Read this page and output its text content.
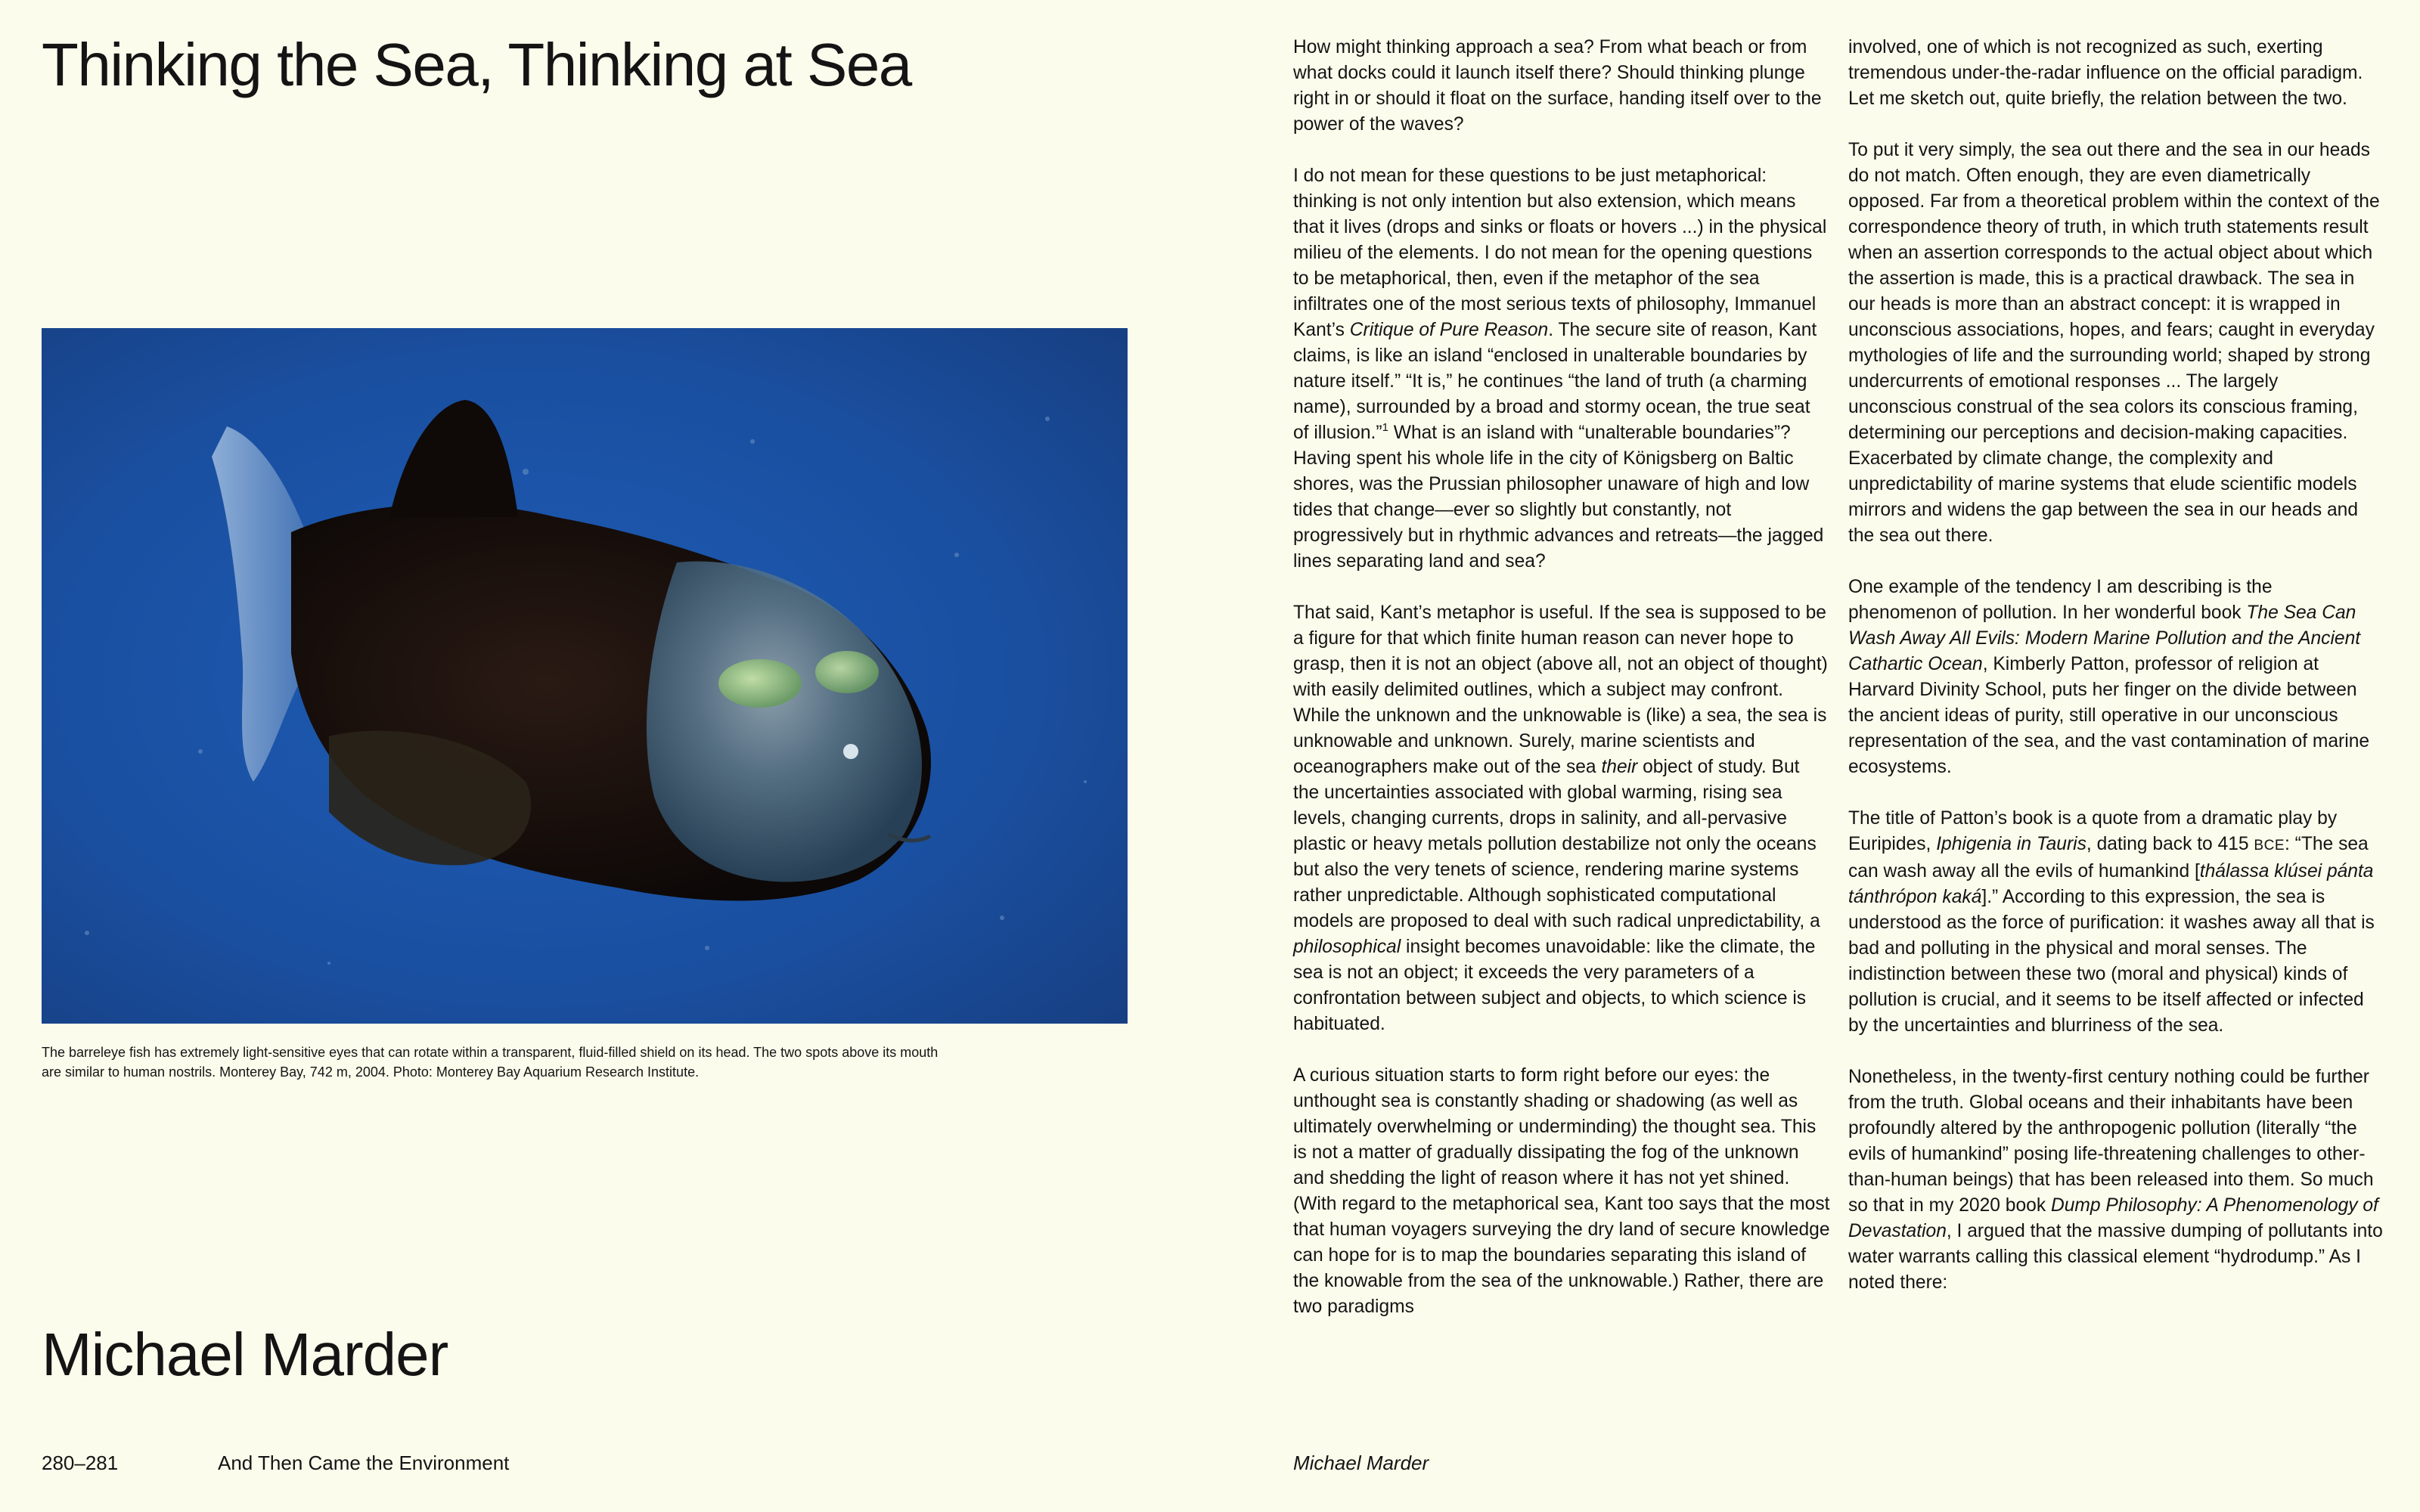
Thinking the Sea, Thinking at Sea

The barreleye fish has extremely light-sensitive eyes that can rotate within a transparent, fluid-filled shield on its head. The two spots above its mouth are similar to human nostrils. Monterey Bay, 742 m, 2004. Photo: Monterey Bay Aquarium Research Institute.

Michael Marder
280–281	And Then Came the Environment

How might thinking approach a sea? From what beach or from what docks could it launch itself there? Should thinking plunge right in or should it float on the surface, handing itself over to the power of the waves?

I do not mean for these questions to be just metaphorical: thinking is not only intention but also extension, which means that it lives (drops and sinks or floats or hovers ...) in the physical milieu of the elements. I do not mean for the opening questions to be metaphorical, then, even if the metaphor of the sea infiltrates one of the most serious texts of philosophy, Immanuel Kant’s Critique of Pure Reason. The secure site of reason, Kant claims, is like an island “enclosed in unalterable boundaries by nature itself.” “It is,” he continues “the land of truth (a charming name), surrounded by a broad and stormy ocean, the true seat of illusion.”$^1$ What is an island with “unalterable boundaries”? Having spent his whole life in the city of Königsberg on Baltic shores, was the Prussian philosopher unaware of high and low tides that change—ever so slightly but constantly, not progressively but in rhythmic advances and retreats—the jagged lines separating land and sea?

That said, Kant’s metaphor is useful. If the sea is supposed to be a figure for that which finite human reason can never hope to grasp, then it is not an object (above all, not an object of thought) with easily delimited outlines, which a subject may confront. While the unknown and the unknowable is (like) a sea, the sea is unknowable and unknown. Surely, marine scientists and oceanographers make out of the sea their object of study. But the uncertainties associated with global warming, rising sea levels, changing currents, drops in salinity, and all-pervasive plastic or heavy metals pollution destabilize not only the oceans but also the very tenets of science, rendering marine systems rather unpredictable. Although sophisticated computational models are proposed to deal with such radical unpredictability, a philosophical insight becomes unavoidable: like the climate, the sea is not an object; it exceeds the very parameters of a confrontation between subject and objects, to which science is habituated.

A curious situation starts to form right before our eyes: the unthought sea is constantly shading or shadowing (as well as ultimately overwhelming or underminding) the thought sea. This is not a matter of gradually dissipating the fog of the unknown and shedding the light of reason where it has not yet shined. (With regard to the metaphorical sea, Kant too says that the most that human voyagers surveying the dry land of secure knowledge can hope for is to map the boundaries separating this island of the knowable from the sea of the unknowable.) Rather, there are two paradigms

involved, one of which is not recognized as such, exerting tremendous under-the-radar influence on the official paradigm. Let me sketch out, quite briefly, the relation between the two.

To put it very simply, the sea out there and the sea in our heads do not match. Often enough, they are even diametrically opposed. Far from a theoretical problem within the context of the correspondence theory of truth, in which truth statements result when an assertion corresponds to the actual object about which the assertion is made, this is a practical drawback. The sea in our heads is more than an abstract concept: it is wrapped in unconscious associations, hopes, and fears; caught in everyday mythologies of life and the surrounding world; shaped by strong undercurrents of emotional responses ... The largely unconscious construal of the sea colors its conscious framing, determining our perceptions and decision-making capacities. Exacerbated by climate change, the complexity and unpredictability of marine systems that elude scientific models mirrors and widens the gap between the sea in our heads and the sea out there.

One example of the tendency I am describing is the phenomenon of pollution. In her wonderful book The Sea Can Wash Away All Evils: Modern Marine Pollution and the Ancient Cathartic Ocean, Kimberly Patton, professor of religion at Harvard Divinity School, puts her finger on the divide between the ancient ideas of purity, still operative in our unconscious representation of the sea, and the vast contamination of marine ecosystems.

The title of Patton’s book is a quote from a dramatic play by Euripides, Iphigenia in Tauris, dating back to 415 BCE: “The sea can wash away all the evils of humankind [thálassa klúsei pánta tánthrópon kaká].” According to this expression, the sea is understood as the force of purification: it washes away all that is bad and polluting in the physical and moral senses. The indistinction between these two (moral and physical) kinds of pollution is crucial, and it seems to be itself affected or infected by the uncertainties and blurriness of the sea.

Nonetheless, in the twenty-first century nothing could be further from the truth. Global oceans and their inhabitants have been profoundly altered by the anthropogenic pollution (literally “the evils of humankind” posing life-threatening challenges to other-than-human beings) that has been released into them. So much so that in my 2020 book Dump Philosophy: A Phenomenology of Devastation, I argued that the massive dumping of pollutants into water warrants calling this classical element “hydrodump.” As I noted there:

Michael Marder
